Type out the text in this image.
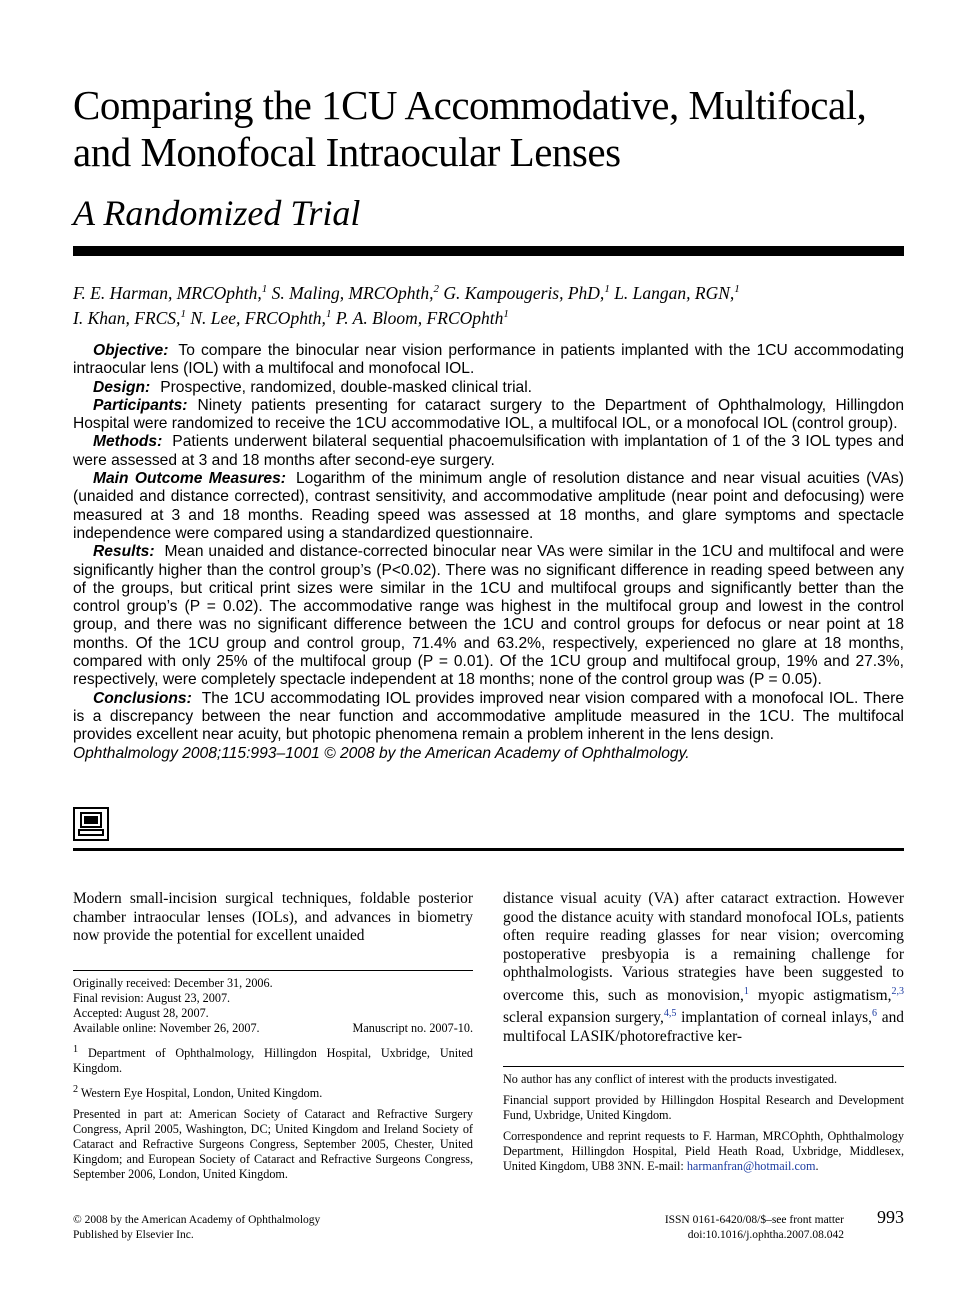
Comparing the 1CU Accommodative, Multifocal, and Monofocal Intraocular Lenses
A Randomized Trial
F. E. Harman, MRCOphth,$^1$ S. Maling, MRCOphth,$^2$ G. Kampougeris, PhD,$^1$ L. Langan, RGN,$^1$
I. Khan, FRCS,$^1$ N. Lee, FRCOphth,$^1$ P. A. Bloom, FRCOphth$^1$

Objective: To compare the binocular near vision performance in patients implanted with the 1CU accommodating intraocular lens (IOL) with a multifocal and monofocal IOL.

Design: Prospective, randomized, double-masked clinical trial.

Participants: Ninety patients presenting for cataract surgery to the Department of Ophthalmology, Hillingdon Hospital were randomized to receive the 1CU accommodative IOL, a multifocal IOL, or a monofocal IOL (control group).

Methods: Patients underwent bilateral sequential phacoemulsification with implantation of 1 of the 3 IOL types and were assessed at 3 and 18 months after second-eye surgery.

Main Outcome Measures: Logarithm of the minimum angle of resolution distance and near visual acuities (VAs) (unaided and distance corrected), contrast sensitivity, and accommodative amplitude (near point and defocusing) were measured at 3 and 18 months. Reading speed was assessed at 18 months, and glare symptoms and spectacle independence were compared using a standardized questionnaire.

Results: Mean unaided and distance-corrected binocular near VAs were similar in the 1CU and multifocal and were significantly higher than the control group’s (P<0.02). There was no significant difference in reading speed between any of the groups, but critical print sizes were similar in the 1CU and multifocal groups and significantly better than the control group’s (P = 0.02). The accommodative range was highest in the multifocal group and lowest in the control group, and there was no significant difference between the 1CU and control groups for defocus or near point at 18 months. Of the 1CU group and control group, 71.4% and 63.2%, respectively, experienced no glare at 18 months, compared with only 25% of the multifocal group (P = 0.01). Of the 1CU group and multifocal group, 19% and 27.3%, respectively, were completely spectacle independent at 18 months; none of the control group was (P = 0.05).

Conclusions: The 1CU accommodating IOL provides improved near vision compared with a monofocal IOL. There is a discrepancy between the near function and accommodative amplitude measured in the 1CU. The multifocal provides excellent near acuity, but photopic phenomena remain a problem inherent in the lens design.

Ophthalmology 2008;115:993–1001 © 2008 by the American Academy of Ophthalmology.

Modern small-incision surgical techniques, foldable posterior chamber intraocular lenses (IOLs), and advances in biometry now provide the potential for excellent unaided

distance visual acuity (VA) after cataract extraction. However good the distance acuity with standard monofocal IOLs, patients often require reading glasses for near vision; overcoming postoperative presbyopia is a remaining challenge for ophthalmologists. Various strategies have been suggested to overcome this, such as monovision,$^1$ myopic astigmatism,$^{2,3}$ scleral expansion surgery,$^{4,5}$ implantation of corneal inlays,$^6$ and multifocal LASIK/photorefractive ker-

Originally received: December 31, 2006.
Final revision: August 23, 2007.
Accepted: August 28, 2007.
Available online: November 26, 2007.	Manuscript no. 2007-10.

$^1$ Department of Ophthalmology, Hillingdon Hospital, Uxbridge, United Kingdom.

$^2$ Western Eye Hospital, London, United Kingdom.

Presented in part at: American Society of Cataract and Refractive Surgery Congress, April 2005, Washington, DC; United Kingdom and Ireland Society of Cataract and Refractive Surgeons Congress, September 2005, Chester, United Kingdom; and European Society of Cataract and Refractive Surgeons Congress, September 2006, London, United Kingdom.

No author has any conflict of interest with the products investigated.

Financial support provided by Hillingdon Hospital Research and Development Fund, Uxbridge, United Kingdom.

Correspondence and reprint requests to F. Harman, MRCOphth, Ophthalmology Department, Hillingdon Hospital, Pield Heath Road, Uxbridge, Middlesex, United Kingdom, UB8 3NN. E-mail: harmanfran@hotmail.com.

© 2008 by the American Academy of Ophthalmology
Published by Elsevier Inc.
ISSN 0161-6420/08/$–see front matter
doi:10.1016/j.ophtha.2007.08.042
993
